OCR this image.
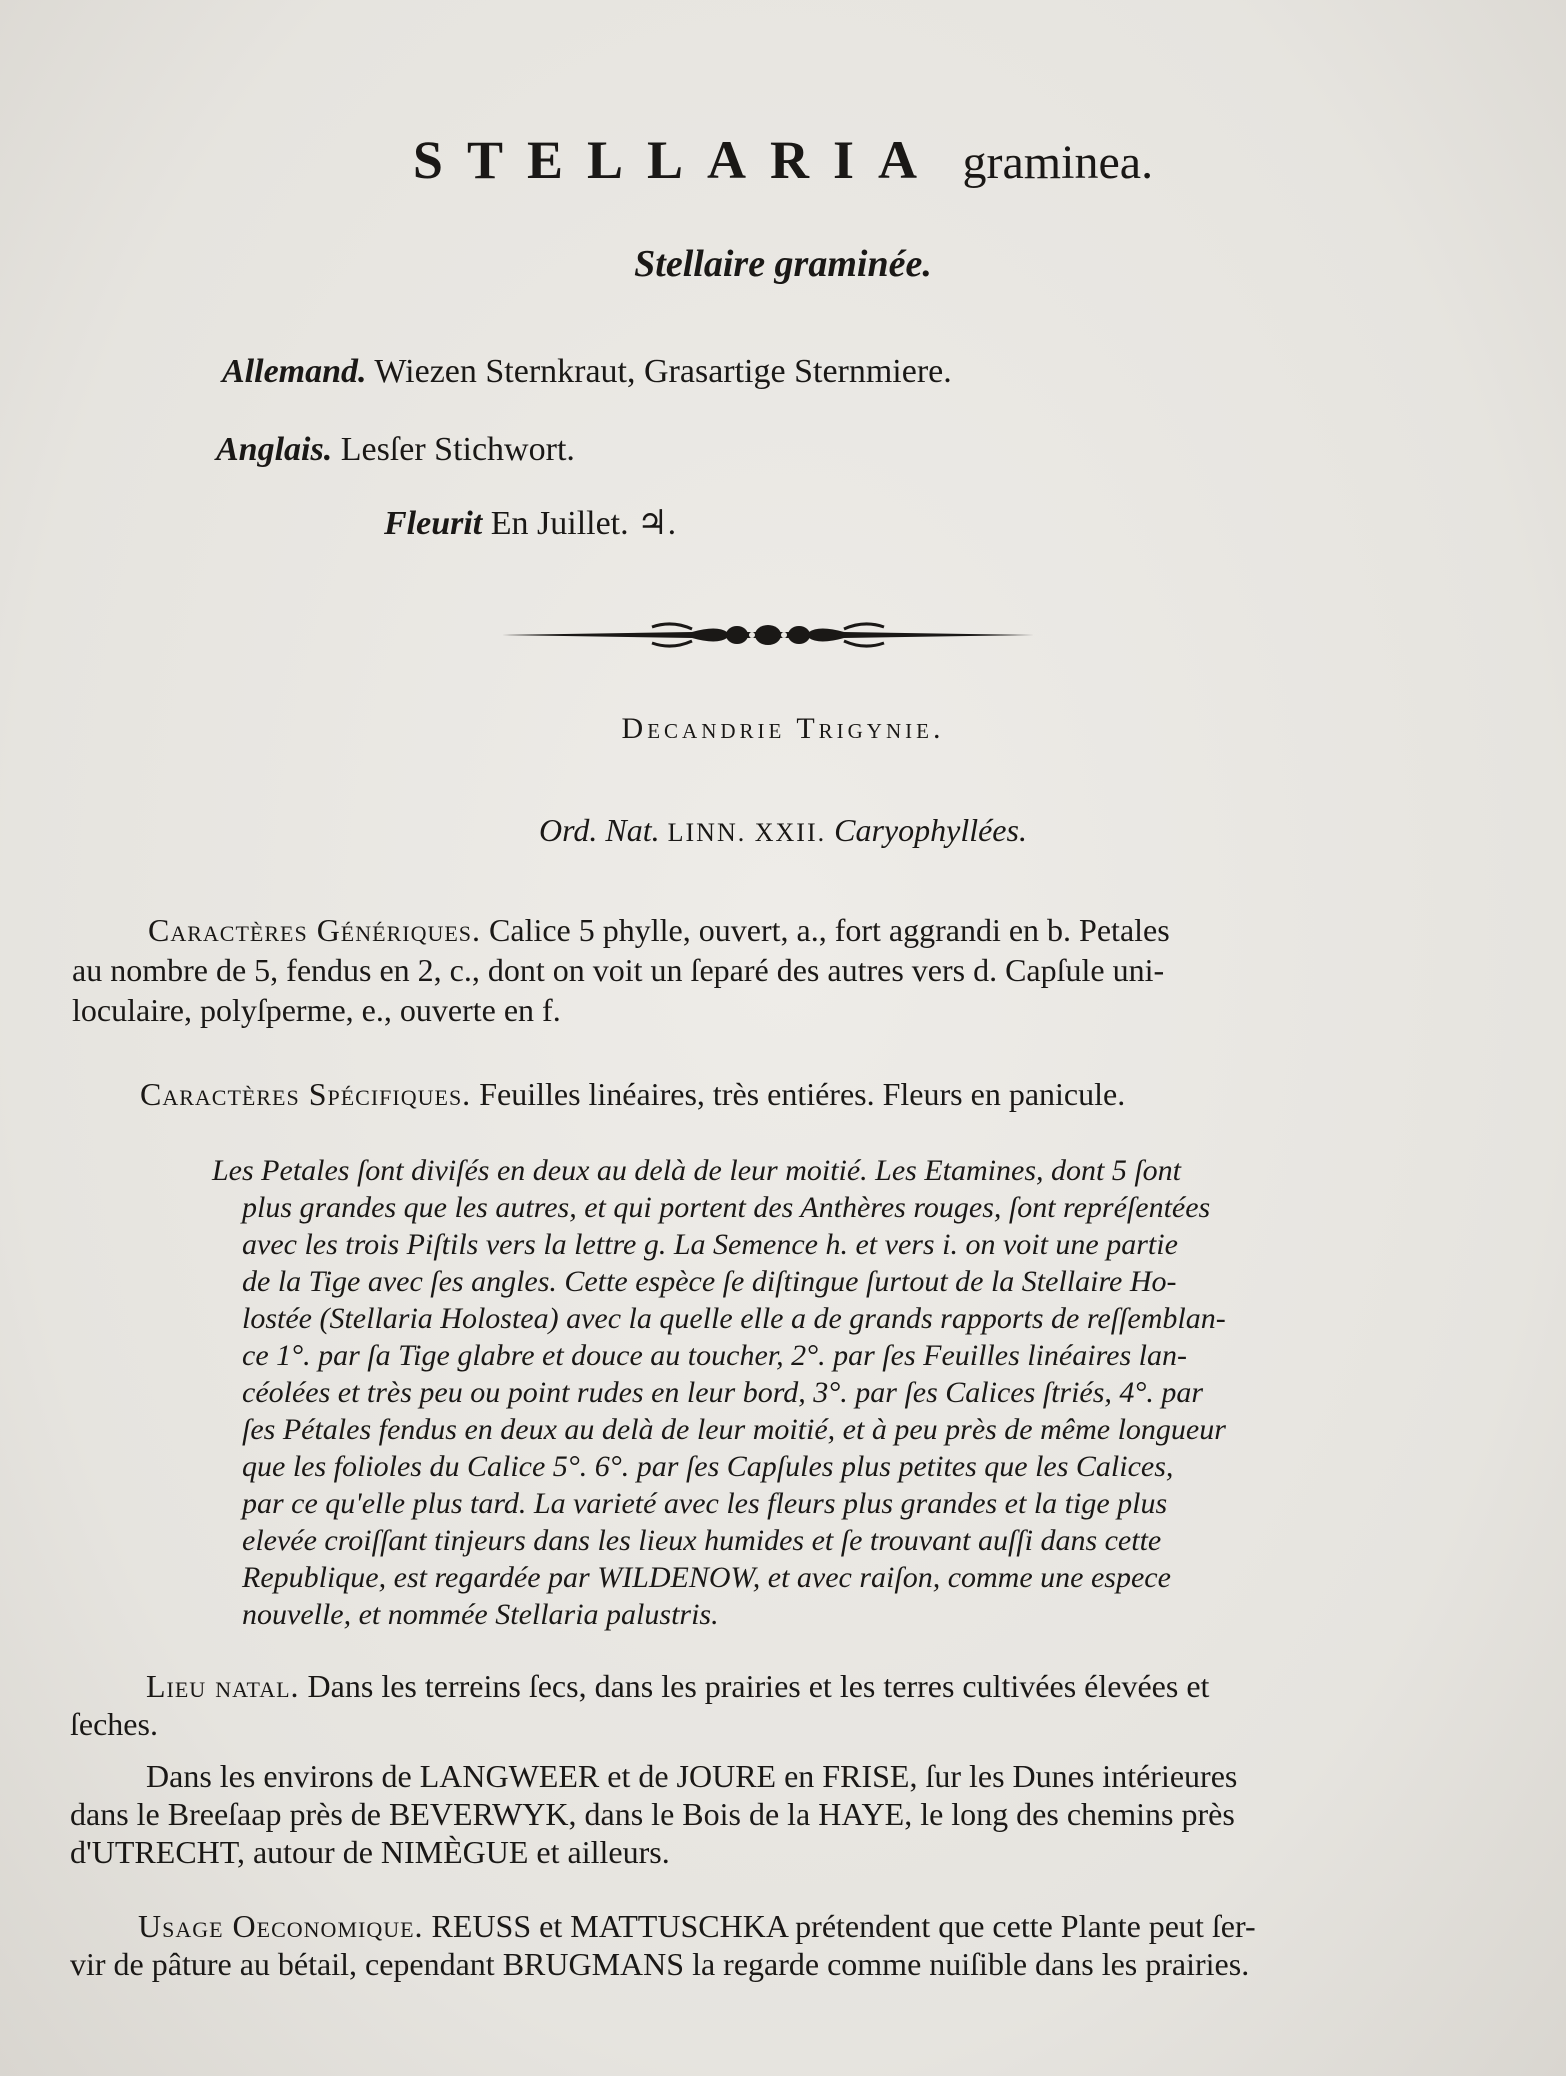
STELLARIA graminea.
Stellaire graminée.
Allemand. Wiezen Sternkraut, Grasartige Sternmiere.
Anglais. Lesſer Stichwort.
Fleurit En Juillet. ♃.
Decandrie Trigynie.
Ord. Nat. LINN. XXII. Caryophyllées.
Caractères Génériques. Calice 5 phylle, ouvert, a., fort aggrandi en b. Petales
au nombre de 5, fendus en 2, c., dont on voit un ſeparé des autres vers d. Capſule uni-
loculaire, polyſperme, e., ouverte en f.
Caractères Spécifiques. Feuilles linéaires, très entiéres. Fleurs en panicule.
Les Petales ſont diviſés en deux au delà de leur moitié. Les Etamines, dont 5 ſont
plus grandes que les autres, et qui portent des Anthères rouges, ſont repréſentées
avec les trois Piſtils vers la lettre g. La Semence h. et vers i. on voit une partie
de la Tige avec ſes angles. Cette espèce ſe diſtingue ſurtout de la Stellaire Ho-
lostée (Stellaria Holostea) avec la quelle elle a de grands rapports de reſſemblan-
ce 1°. par ſa Tige glabre et douce au toucher, 2°. par ſes Feuilles linéaires lan-
céolées et très peu ou point rudes en leur bord, 3°. par ſes Calices ſtriés, 4°. par
ſes Pétales fendus en deux au delà de leur moitié, et à peu près de même longueur
que les folioles du Calice 5°. 6°. par ſes Capſules plus petites que les Calices,
par ce qu'elle plus tard. La varieté avec les fleurs plus grandes et la tige plus
elevée croiſſant tinjeurs dans les lieux humides et ſe trouvant auſſi dans cette
Republique, est regardée par WILDENOW, et avec raiſon, comme une espece
nouvelle, et nommée Stellaria palustris.
Lieu natal. Dans les terreins ſecs, dans les prairies et les terres cultivées élevées et
ſeches.
Dans les environs de LANGWEER et de JOURE en FRISE, ſur les Dunes intérieures
dans le Breeſaap près de BEVERWYK, dans le Bois de la HAYE, le long des chemins près
d'UTRECHT, autour de NIMÈGUE et ailleurs.
Usage Oeconomique. REUSS et MATTUSCHKA prétendent que cette Plante peut ſer-
vir de pâture au bétail, cependant BRUGMANS la regarde comme nuiſible dans les prairies.
